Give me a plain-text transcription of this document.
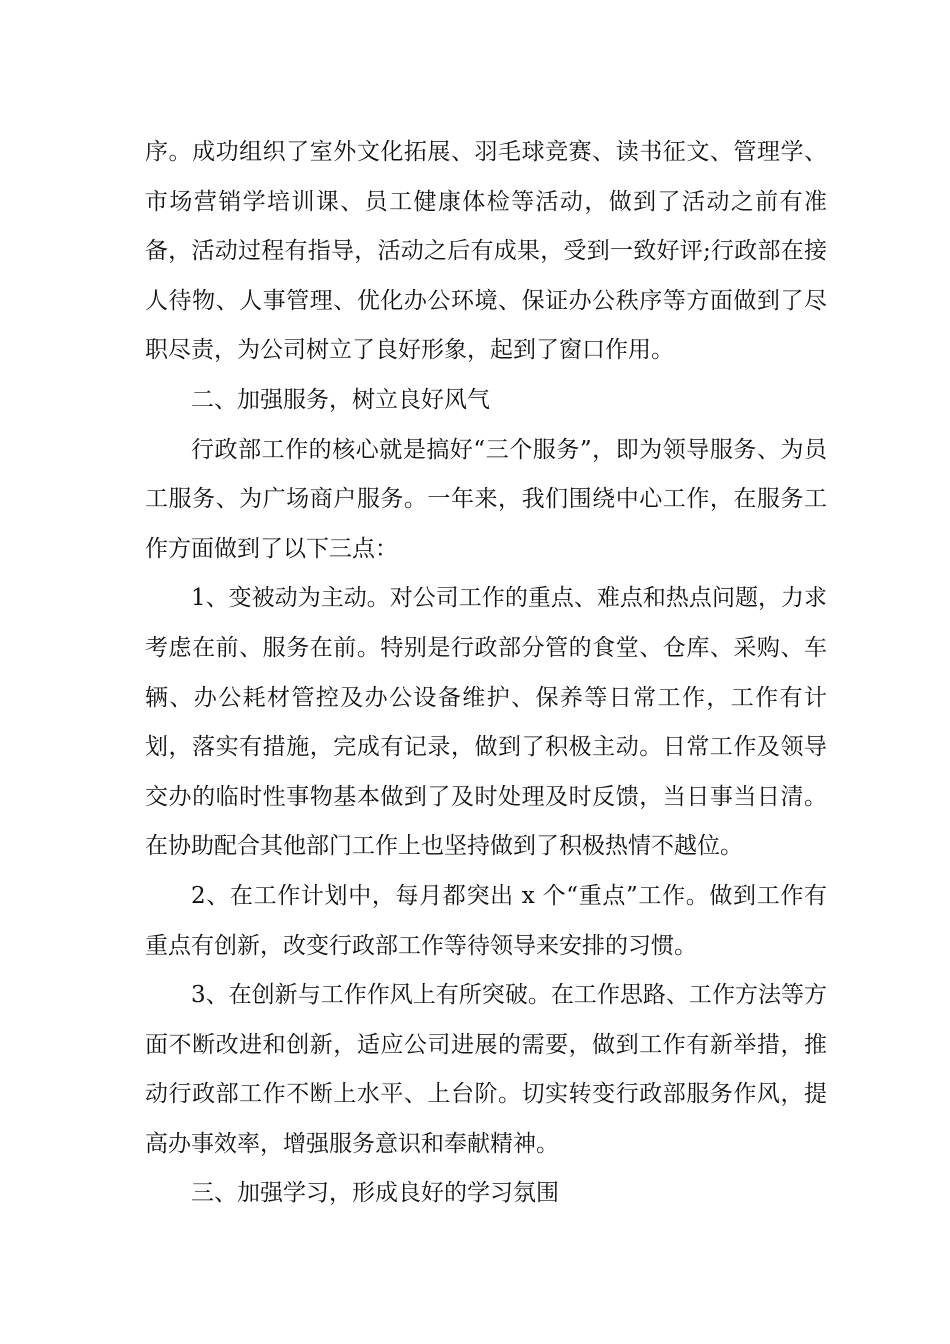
序。成功组织了室外文化拓展、羽毛球竞赛、读书征文、管理学、市场营销学培训课、员工健康体检等活动，做到了活动之前有准备，活动过程有指导，活动之后有成果，受到一致好评;行政部在接人待物、人事管理、优化办公环境、保证办公秩序等方面做到了尽职尽责，为公司树立了良好形象，起到了窗口作用。

二、加强服务，树立良好风气

行政部工作的核心就是搞好“三个服务”，即为领导服务、为员工服务、为广场商户服务。一年来，我们围绕中心工作，在服务工作方面做到了以下三点：

1、变被动为主动。对公司工作的重点、难点和热点问题，力求考虑在前、服务在前。特别是行政部分管的食堂、仓库、采购、车辆、办公耗材管控及办公设备维护、保养等日常工作，工作有计划，落实有措施，完成有记录，做到了积极主动。日常工作及领导交办的临时性事物基本做到了及时处理及时反馈，当日事当日清。在协助配合其他部门工作上也坚持做到了积极热情不越位。

2、在工作计划中，每月都突出 x 个“重点”工作。做到工作有重点有创新，改变行政部工作等待领导来安排的习惯。

3、在创新与工作作风上有所突破。在工作思路、工作方法等方面不断改进和创新，适应公司进展的需要，做到工作有新举措，推动行政部工作不断上水平、上台阶。切实转变行政部服务作风，提高办事效率，增强服务意识和奉献精神。

三、加强学习，形成良好的学习氛围
